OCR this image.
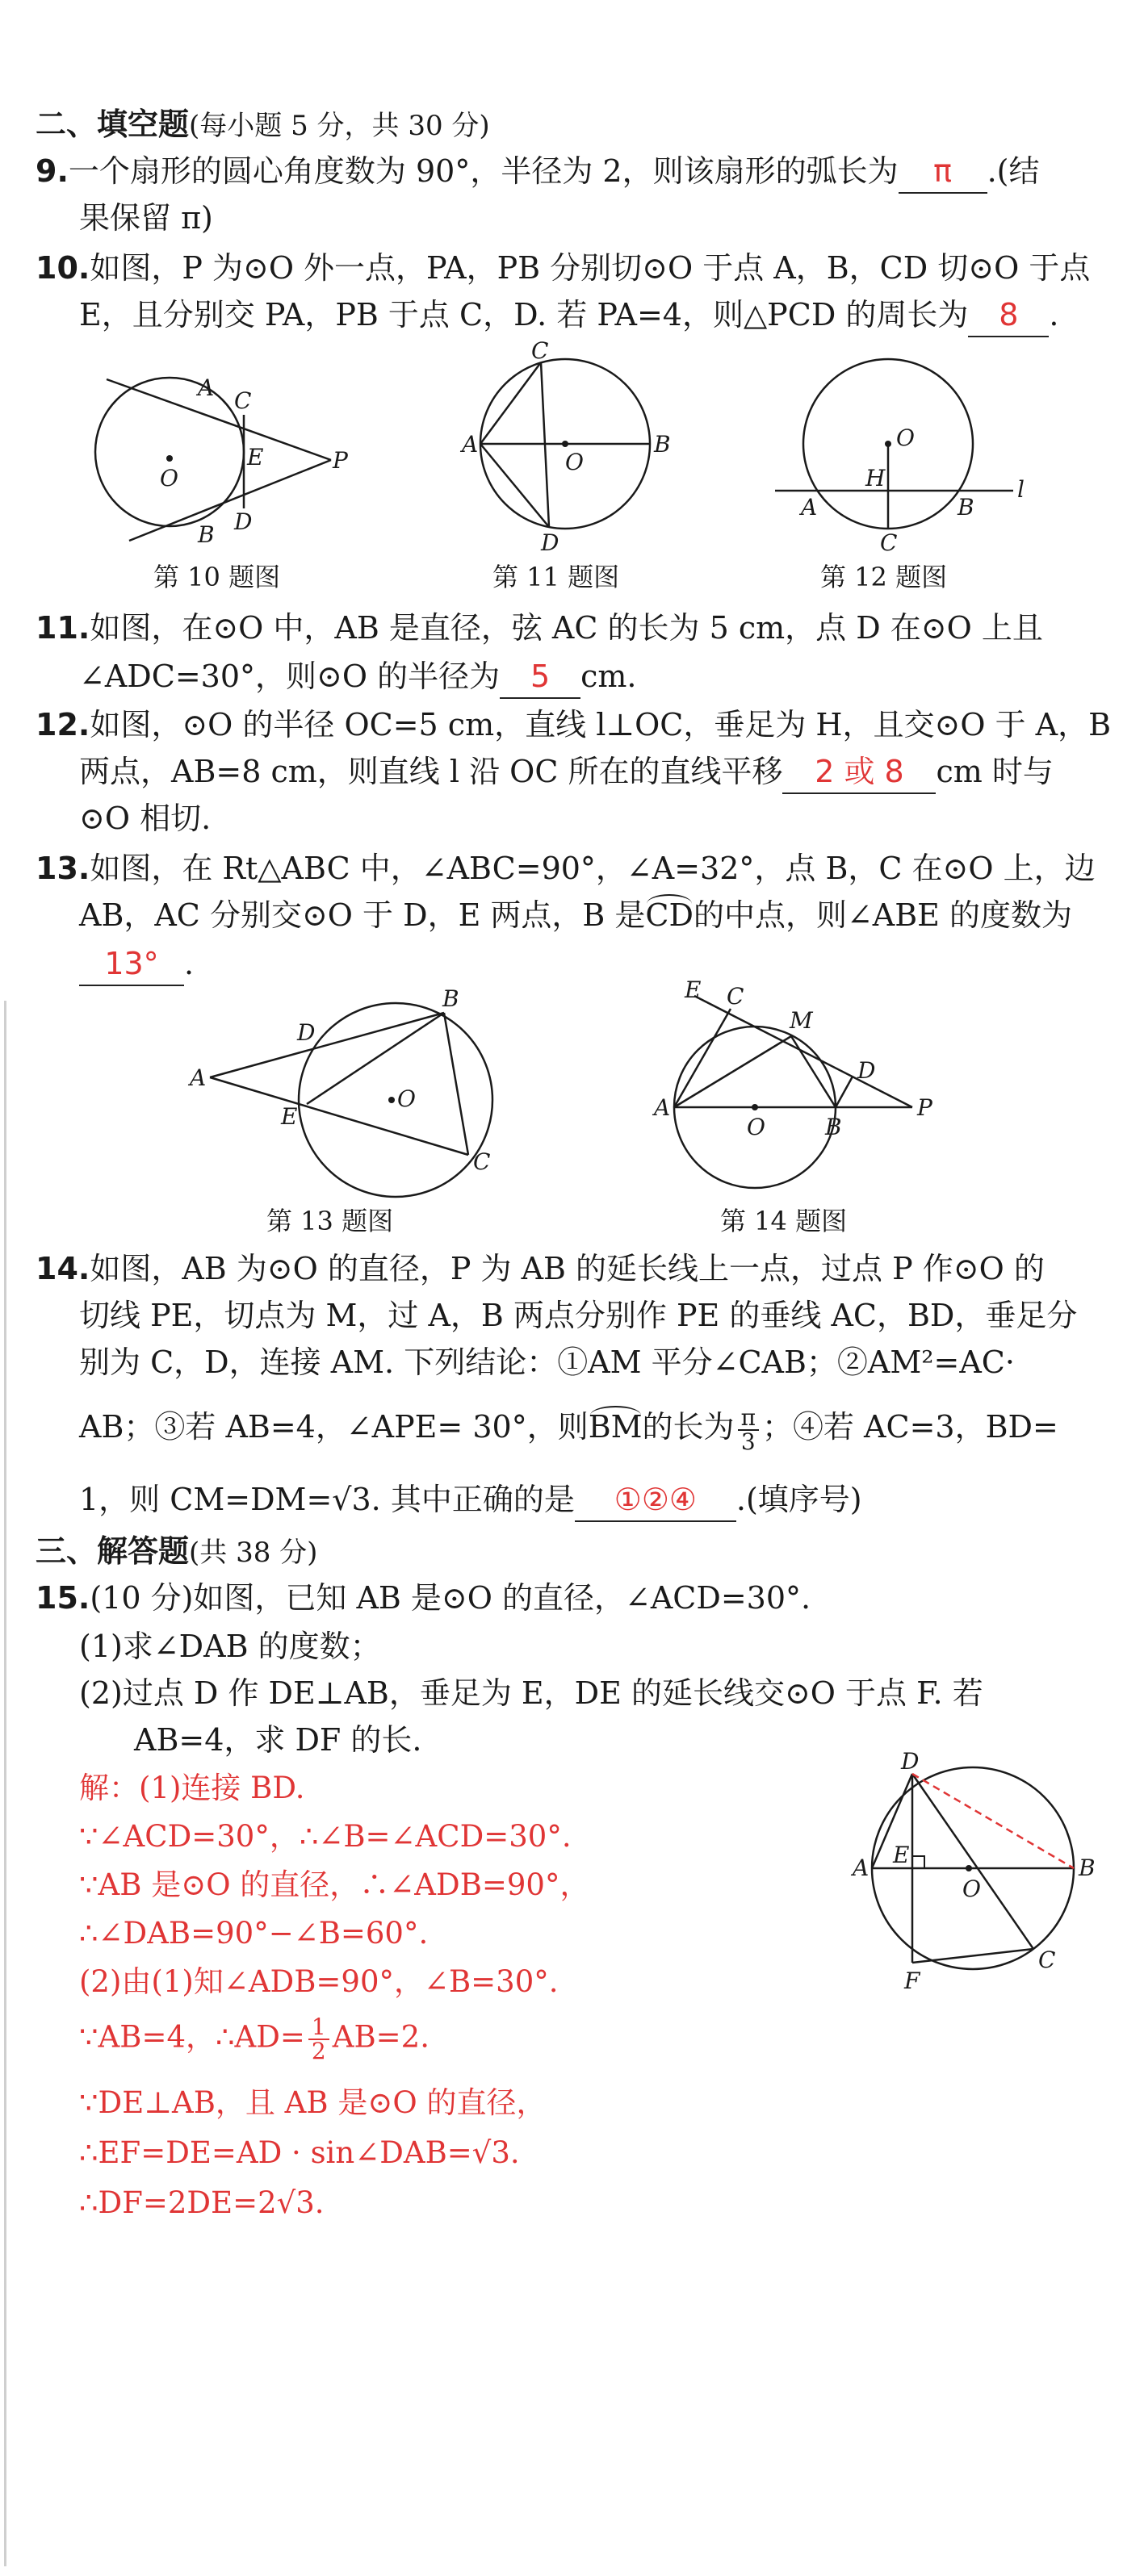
二、填空题(每小题 5 分，共 30 分)
9.一个扇形的圆心角度数为 90°，半径为 2，则该扇形的弧长为 π .(结
果保留 π)
10.如图，P 为⊙O 外一点，PA，PB 分别切⊙O 于点 A，B，CD 切⊙O 于点
E，且分别交 PA，PB 于点 C，D. 若 PA=4，则△PCD 的周长为 8 .
O
A C
E	P
D
B
第 10 题图
C
A	B
O
D
第 11 题图
O
H	l
A	B
C
第 12 题图
11.如图，在⊙O 中，AB 是直径，弦 AC 的长为 5 cm，点 D 在⊙O 上且
∠ADC=30°，则⊙O 的半径为 5 cm.
12.如图，⊙O 的半径 OC=5 cm，直线 l⊥OC，垂足为 H，且交⊙O 于 A，B
两点，AB=8 cm，则直线 l 沿 OC 所在的直线平移 2 或 8 cm 时与
⊙O 相切.
13.如图，在 Rt△ABC 中，∠ABC=90°，∠A=32°，点 B，C 在⊙O 上，边
AB，AC 分别交⊙O 于 D，E 两点，B 是CD的中点，则∠ABE 的度数为
13° .
A
D
B
E
O
C
第 13 题图
E C
M
D
A
O	B
P
第 14 题图
14.如图，AB 为⊙O 的直径，P 为 AB 的延长线上一点，过点 P 作⊙O 的
切线 PE，切点为 M，过 A，B 两点分别作 PE 的垂线 AC，BD，垂足分
别为 C，D，连接 AM. 下列结论：①AM 平分∠CAB；②AM²=AC·
AB；③若 AB=4，∠APE= 30°，则BM的长为 $\frac{\pi}{3}$ ；④若 AC=3，BD=
1，则 CM=DM=√3. 其中正确的是 ①②④ .(填序号)
三、解答题(共 38 分)
15.(10 分)如图，已知 AB 是⊙O 的直径，∠ACD=30°.
(1)求∠DAB 的度数；
(2)过点 D 作 DE⊥AB，垂足为 E，DE 的延长线交⊙O 于点 F. 若
AB=4，求 DF 的长.
解：(1)连接 BD.
∵∠ACD=30°，∴∠B=∠ACD=30°.
∵AB 是⊙O 的直径，∴∠ADB=90°，
∴∠DAB=90°−∠B=60°.
(2)由(1)知∠ADB=90°，∠B=30°.
∵AB=4，∴AD= $\frac{1}{2} AB=2$.
∵DE⊥AB，且 AB 是⊙O 的直径，
∴EF=DE=AD · sin∠DAB=√3.
∴DF=2DE=2√3.
D
A E
O
B
F
C
